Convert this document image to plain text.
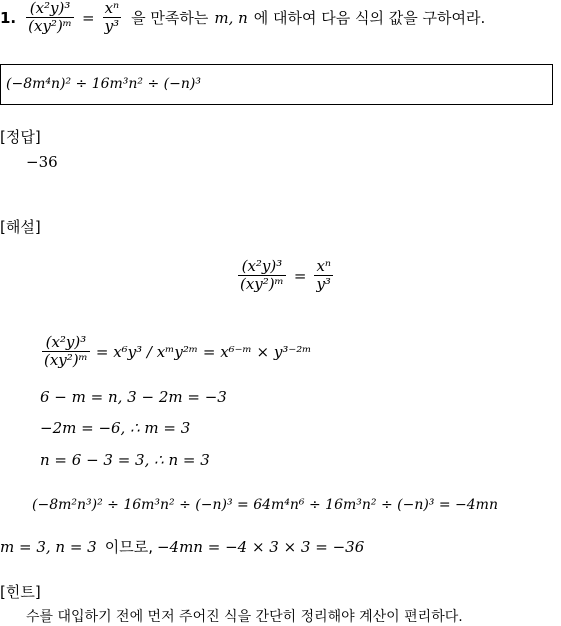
1. $\frac{\text{(x²y)³}}{\text{(xy²)ᵐ}} = \frac{\text{xⁿ}}{\text{y³}}$ 을 만족하는 m, n 에 대하여 다음 식의 값을 구하여라.
(−8m⁴n)² ÷ 16m³n² ÷ (−n)³
[정답]
−36
[해설]
$\frac{\text{(x²y)³}}{\text{(xy²)ᵐ}} = \frac{\text{xⁿ}}{\text{y³}}$
$\frac{\text{(x²y)³}}{\text{(xy²)ᵐ}} = x^6y^3$ / xᵐy²ᵐ = x⁶⁻ᵐ × y³⁻²ᵐ
6 − m = n, 3 − 2m = −3
−2m = −6, ∴ m = 3
n = 6 − 3 = 3, ∴ n = 3
(−8m²n³)² ÷ 16m³n² ÷ (−n)³ = 64m⁴n⁶ ÷ 16m³n² ÷ (−n)³ = −4mn
m = 3, n = 3 이므로, −4mn = −4 × 3 × 3 = −36
[힌트]
수를 대입하기 전에 먼저 주어진 식을 간단히 정리해야 계산이 편리하다.
